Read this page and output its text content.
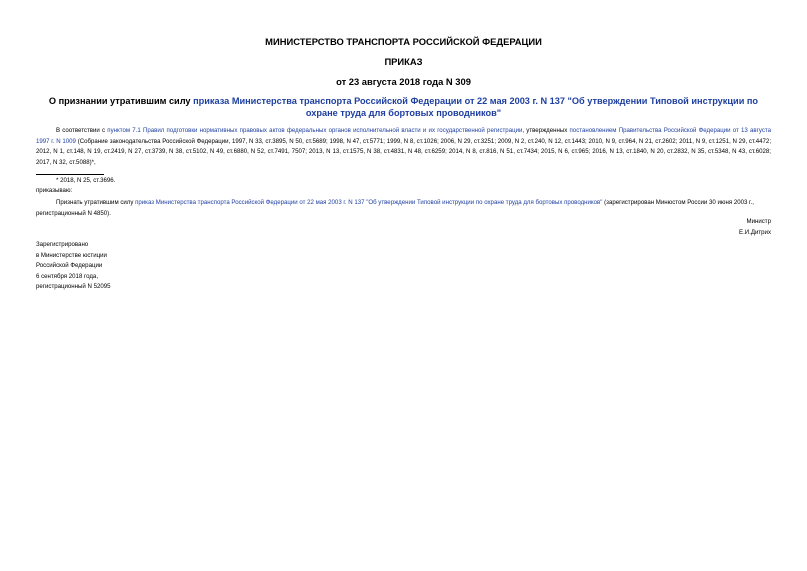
МИНИСТЕРСТВО ТРАНСПОРТА РОССИЙСКОЙ ФЕДЕРАЦИИ
ПРИКАЗ
от 23 августа 2018 года N 309
О признании утратившим силу приказа Министерства транспорта Российской Федерации от 22 мая 2003 г. N 137 "Об утверждении Типовой инструкции по охране труда для бортовых проводников"
В соответствии с пунктом 7.1 Правил подготовки нормативных правовых актов федеральных органов исполнительной власти и их государственной регистрации, утвержденных постановлением Правительства Российской Федерации от 13 августа 1997 г. N 1009 (Собрание законодательства Российской Федерации, 1997, N 33, ст.3895, N 50, ст.5689; 1998, N 47, ст.5771; 1999, N 8, ст.1026; 2006, N 29, ст.3251; 2009, N 2, ст.240, N 12, ст.1443; 2010, N 9, ст.964, N 21, ст.2602; 2011, N 9, ст.1251, N 29, ст.4472; 2012, N 1, ст.148, N 19, ст.2419, N 27, ст.3739, N 38, ст.5102, N 49, ст.6880, N 52, ст.7491, 7507; 2013, N 13, ст.1575, N 38, ст.4831, N 48, ст.6259; 2014, N 8, ст.816, N 51, ст.7434; 2015, N 6, ст.965; 2016, N 13, ст.1840, N 20, ст.2832, N 35, ст.5348, N 43, ст.6028; 2017, N 32, ст.5088)*,
* 2018, N 25, ст.3696.
приказываю:
Признать утратившим силу приказ Министерства транспорта Российской Федерации от 22 мая 2003 г. N 137 "Об утверждении Типовой инструкции по охране труда для бортовых проводников" (зарегистрирован Минюстом России 30 июня 2003 г., регистрационный N 4850).
Министр
Е.И.Дитрих
Зарегистрировано
в Министерстве юстиции
Российской Федерации
6 сентября 2018 года,
регистрационный N 52095
